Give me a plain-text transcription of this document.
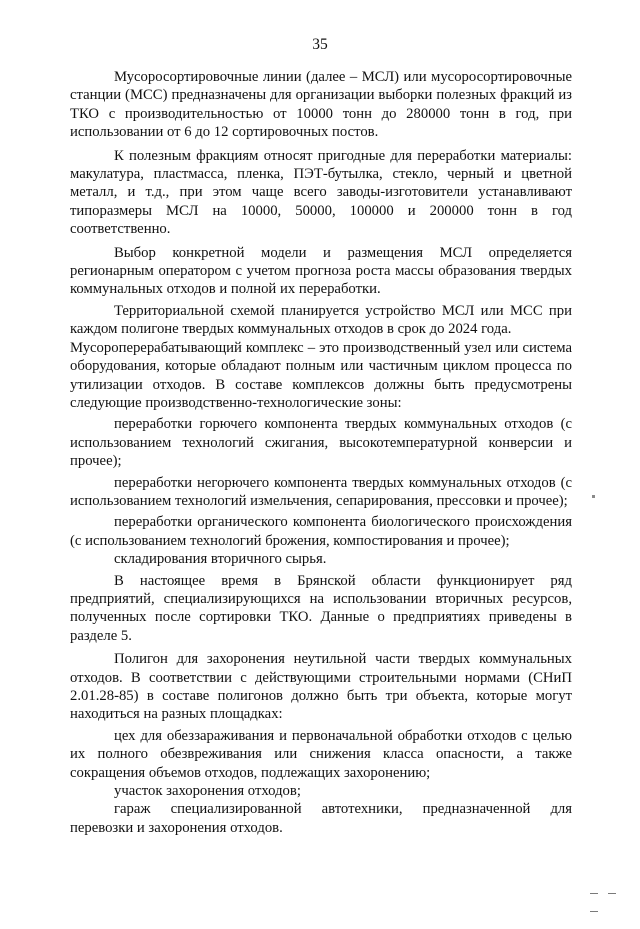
35

Мусоросортировочные линии (далее – МСЛ) или мусоросортировочные станции (МСС) предназначены для организации выборки полезных фракций из ТКО с производительностью от 10000 тонн до 280000 тонн в год, при использовании от 6 до 12 сортировочных постов.

К полезным фракциям относят пригодные для переработки материалы: макулатура, пластмасса, пленка, ПЭТ-бутылка, стекло, черный и цветной металл, и т.д., при этом чаще всего заводы-изготовители устанавливают типоразмеры МСЛ на 10000, 50000, 100000 и 200000 тонн в год соответственно.

Выбор конкретной модели и размещения МСЛ определяется регионарным оператором с учетом прогноза роста массы образования твердых коммунальных отходов и полной их переработки.

Территориальной схемой планируется устройство МСЛ или МСС при каждом полигоне твердых коммунальных отходов в срок до 2024 года.

Мусороперерабатывающий комплекс – это производственный узел или система оборудования, которые обладают полным или частичным циклом процесса по утилизации отходов. В составе комплексов должны быть предусмотрены следующие производственно-технологические зоны:

переработки горючего компонента твердых коммунальных отходов (с использованием технологий сжигания, высокотемпературной конверсии и прочее);

переработки негорючего компонента твердых коммунальных отходов (с использованием технологий измельчения, сепарирования, прессовки и прочее);

переработки органического компонента биологического происхождения (с использованием технологий брожения, компостирования и прочее);

складирования вторичного сырья.

В настоящее время в Брянской области функционирует ряд предприятий, специализирующихся на использовании вторичных ресурсов, полученных после сортировки ТКО. Данные о предприятиях приведены в разделе 5.

Полигон для захоронения неутильной части твердых коммунальных отходов. В соответствии с действующими строительными нормами (СНиП 2.01.28-85) в составе полигонов должно быть три объекта, которые могут находиться на разных площадках:

цех для обеззараживания и первоначальной обработки отходов с целью их полного обезвреживания или снижения класса опасности, а также сокращения объемов отходов, подлежащих захоронению;

участок захоронения отходов;

гараж специализированной автотехники, предназначенной для перевозки и захоронения отходов.
